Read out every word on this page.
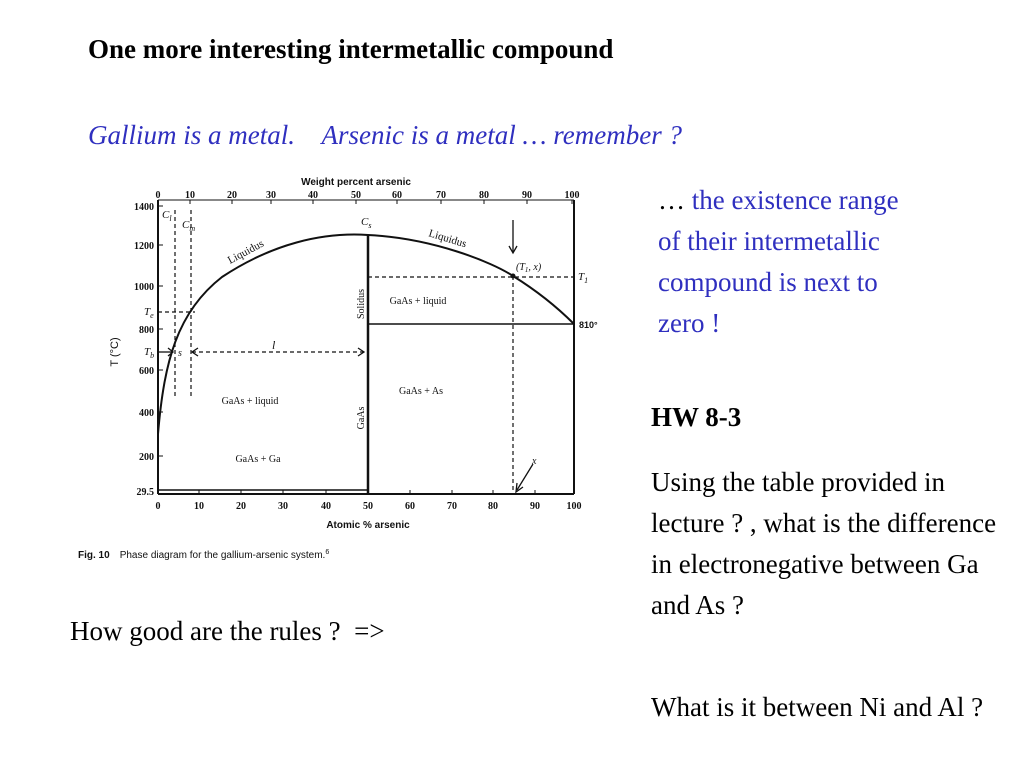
One more interesting intermetallic compound
Gallium is a metal.    Arsenic is a metal … remember ?
0 10	20	30	40	50	60	70	80	90	100
Weight percent arsenic
1400
1200
1000
800
600
400
200
29.5
T (°C)
0	10	20	30	40	50	60	70	80	90	100
Atomic % arsenic
$C_l$
$C_m$
$C_s$
($T_1$, x)
$T_1$
$T_e$
$T_b$ s
l
x
810°
Liquidus	Liquidus
Solidus
GaAs
GaAs + liquid
GaAs + As
GaAs + liquid
GaAs + Ga
Fig. 10 Phase diagram for the gallium-arsenic system.$^6$
… the existence range of their intermetallic compound is next to zero !
HW 8-3
Using the table provided in lecture ? , what is the difference in electronegative between Ga and As ?
What is it between Ni and Al ?
How good are the rules ?  =>
